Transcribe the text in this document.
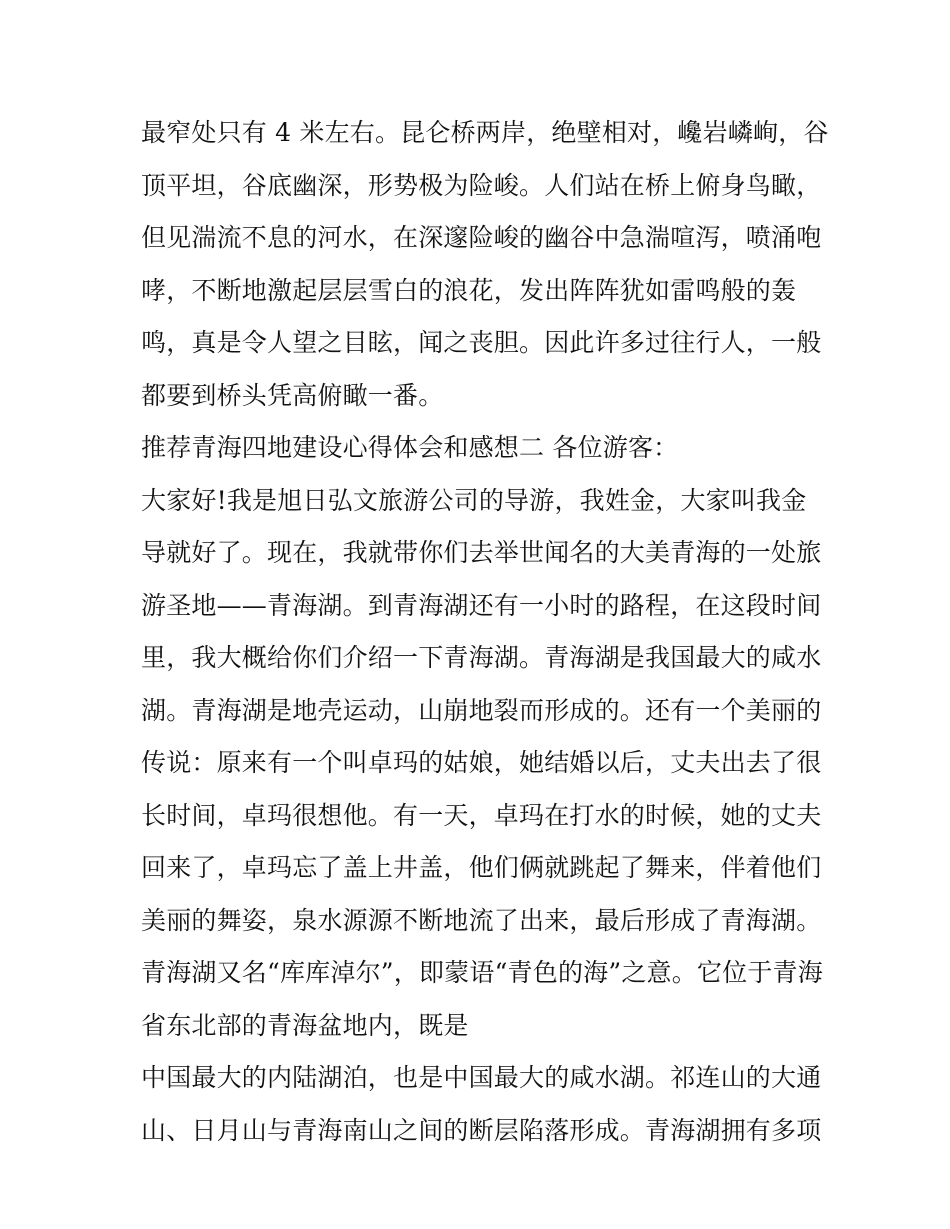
最窄处只有 4 米左右。昆仑桥两岸，绝壁相对，巉岩嶙峋，谷
顶平坦，谷底幽深，形势极为险峻。人们站在桥上俯身鸟瞰，
但见湍流不息的河水，在深邃险峻的幽谷中急湍喧泻，喷涌咆
哮，不断地激起层层雪白的浪花，发出阵阵犹如雷鸣般的轰
鸣，真是令人望之目眩，闻之丧胆。因此许多过往行人，一般
都要到桥头凭高俯瞰一番。
推荐青海四地建设心得体会和感想二 各位游客：
大家好!我是旭日弘文旅游公司的导游，我姓金，大家叫我金
导就好了。现在，我就带你们去举世闻名的大美青海的一处旅
游圣地——青海湖。到青海湖还有一小时的路程，在这段时间
里，我大概给你们介绍一下青海湖。青海湖是我国最大的咸水
湖。青海湖是地壳运动，山崩地裂而形成的。还有一个美丽的
传说：原来有一个叫卓玛的姑娘，她结婚以后，丈夫出去了很
长时间，卓玛很想他。有一天，卓玛在打水的时候，她的丈夫
回来了，卓玛忘了盖上井盖，他们俩就跳起了舞来，伴着他们
美丽的舞姿，泉水源源不断地流了出来，最后形成了青海湖。
青海湖又名“库库淖尔”，即蒙语“青色的海”之意。它位于青海
省东北部的青海盆地内，既是
中国最大的内陆湖泊，也是中国最大的咸水湖。祁连山的大通
山、日月山与青海南山之间的断层陷落形成。青海湖拥有多项
